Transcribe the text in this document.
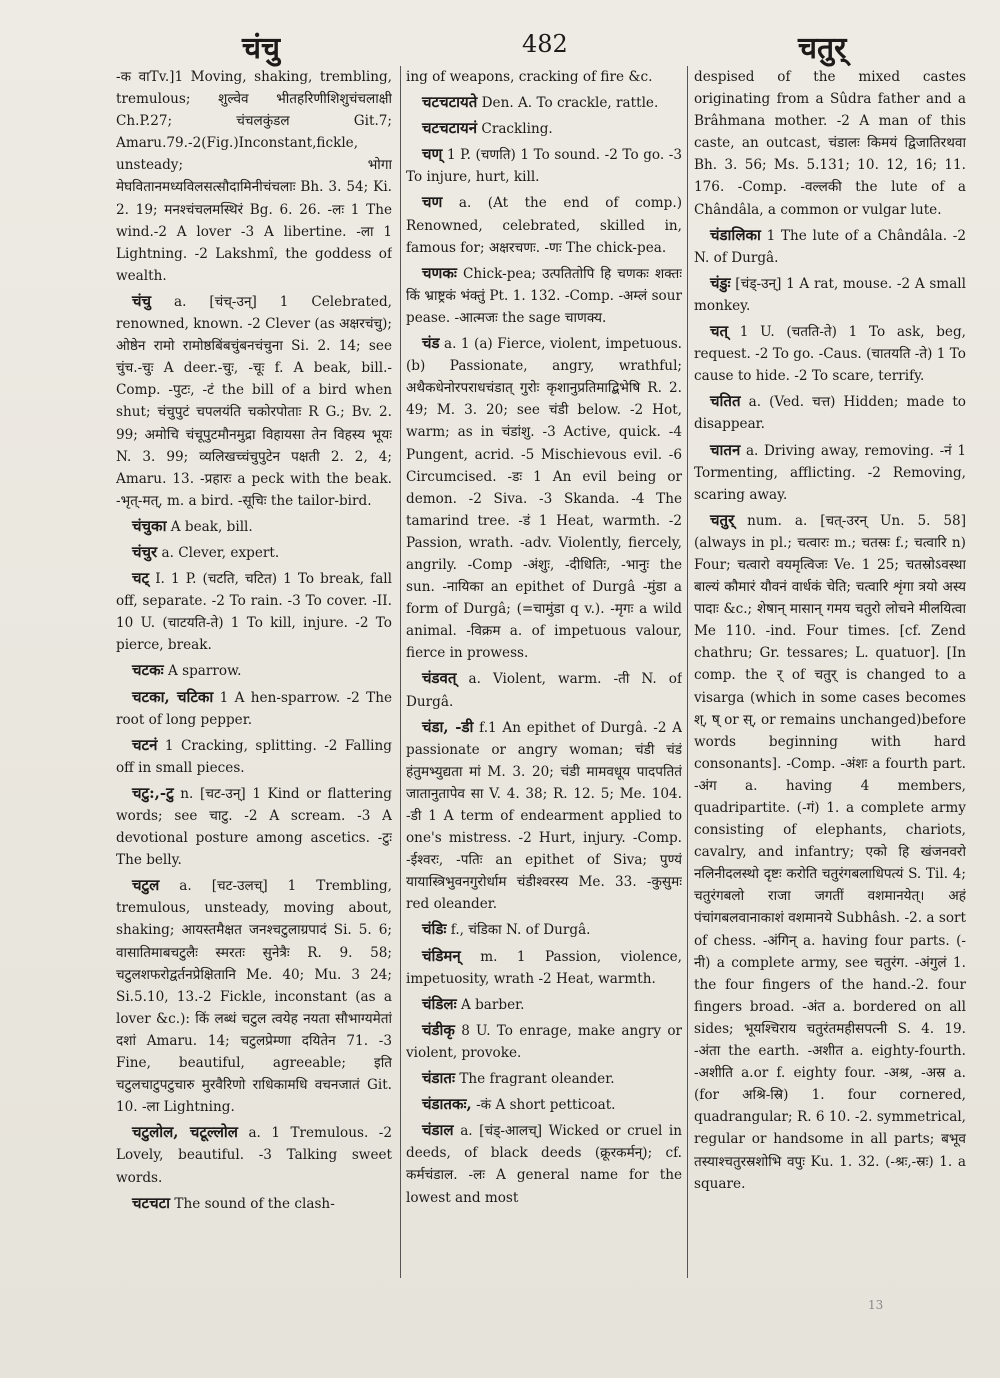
चंचु	482	चतुर्

-क वाTv.]1 Moving, shaking, trembling, tremulous; शुल्वेव भीतहरिणीशिशुचंचलाक्षी Ch.P.27; चंचलकुंडल Git.7; Amaru.79.-2(Fig.)Inconstant,fickle, unsteady; भोगा मेघवितानमध्यविलसत्सौदामिनीचंचलाः Bh. 3. 54; Ki. 2. 19; मनश्चंचलमस्थिरं Bg. 6. 26. -लः 1 The wind.-2 A lover -3 A libertine. -ला 1 Lightning. -2 Lakshmî, the goddess of wealth.

चंचु a. [चंच्-उन्] 1 Celebrated, renowned, known. -2 Clever (as अक्षरचंचु); ओष्ठेन रामो रामोष्ठबिंबचुंबनचंचुना Si. 2. 14; see चुंच.-चुः A deer.-चुः, -चूः f. A beak, bill.-Comp. -पुटः, -टं the bill of a bird when shut; चंचुपुटं चपलयंति चकोरपोताः R G.; Bv. 2. 99; अमोचि चंचूपुटमौनमुद्रा विहायसा तेन विहस्य भूयः N. 3. 99; व्यलिखच्चंचुपुटेन पक्षती 2. 2, 4; Amaru. 13. -प्रहारः a peck with the beak. -भृत्-मत्, m. a bird. -सूचिः the tailor-bird.

चंचुका A beak, bill.

चंचुर a. Clever, expert.

चट् I. 1 P. (चटति, चटित) 1 To break, fall off, separate. -2 To rain. -3 To cover. -II. 10 U. (चाटयति-ते) 1 To kill, injure. -2 To pierce, break.

चटकः A sparrow.

चटका, चटिका 1 A hen-sparrow. -2 The root of long pepper.

चटनं 1 Cracking, splitting. -2 Falling off in small pieces.

चटु:,-टु n. [चट-उन्] 1 Kind or flattering words; see चाटु. -2 A scream. -3 A devotional posture among ascetics. -टुः The belly.

चटुल a. [चट-उलच्] 1 Trembling, tremulous, unsteady, moving about, shaking; आयस्तमैक्षत जनश्चटुलाग्रपादं Si. 5. 6; वासातिमाबचटुलैः स्मरतः सुनेत्रैः R. 9. 58; चटुलशफरोद्वर्तनप्रेक्षितानि Me. 40; Mu. 3 24; Si.5.10, 13.-2 Fickle, inconstant (as a lover &c.): किं लब्धं चटुल त्वयेह नयता सौभाग्यमेतां दशां Amaru. 14; चटुलप्रेम्णा दयितेन 71. -3 Fine, beautiful, agreeable; इति चटुलचाटुपटुचारु मुरवैरिणो राधिकामधि वचनजातं Git. 10. -ला Lightning.

चटुलोल, चटूल्लोल a. 1 Tremulous. -2 Lovely, beautiful. -3 Talking sweet words.

चटचटा The sound of the clash-

ing of weapons, cracking of fire &c.

चटचटायते Den. A. To crackle, rattle.

चटचटायनं Crackling.

चण् 1 P. (चणति) 1 To sound. -2 To go. -3 To injure, hurt, kill.

चण a. (At the end of comp.) Renowned, celebrated, skilled in, famous for; अक्षरचणः. -णः The chick-pea.

चणकः Chick-pea; उत्पतितोपि हि चणकः शक्तः किं भ्राष्ट्रकं भंक्तुं Pt. 1. 132. -Comp. -अम्लं sour pease. -आत्मजः the sage चाणक्य.

चंड a. 1 (a) Fierce, violent, impetuous. (b) Passionate, angry, wrathful; अथैकधेनोरपराधचंडात् गुरोः कृशानुप्रतिमाद्बिभेषि R. 2. 49; M. 3. 20; see चंडी below. -2 Hot, warm; as in चंडांशु. -3 Active, quick. -4 Pungent, acrid. -5 Mischievous evil. -6 Circumcised. -डः 1 An evil being or demon. -2 Siva. -3 Skanda. -4 The tamarind tree. -डं 1 Heat, warmth. -2 Passion, wrath. -adv. Violently, fiercely, angrily. -Comp -अंशुः, -दीधितिः, -भानुः the sun. -नायिका an epithet of Durgâ -मुंडा a form of Durgâ; (=चामुंडा q v.). -मृगः a wild animal. -विक्रम a. of impetuous valour, fierce in prowess.

चंडवत् a. Violent, warm. -ती N. of Durgâ.

चंडा, -डी f.1 An epithet of Durgâ. -2 A passionate or angry woman; चंडी चंडं हंतुमभ्युद्यता मां M. 3. 20; चंडी मामवधूय पादपतितं जातानुतापेव सा V. 4. 38; R. 12. 5; Me. 104. -डी 1 A term of endearment applied to one's mistress. -2 Hurt, injury. -Comp. -ईश्वरः, -पतिः an epithet of Siva; पुण्यं यायास्त्रिभुवनगुरोर्धाम चंडीश्वरस्य Me. 33. -कुसुमः red oleander.

चंडिः f., चंडिका N. of Durgâ.

चंडिमन् m. 1 Passion, violence, impetuosity, wrath -2 Heat, warmth.

चंडिलः A barber.

चंडीकृ 8 U. To enrage, make angry or violent, provoke.

चंडातः The fragrant oleander.

चंडातकः, -कं A short petticoat.

चंडाल a. [चंड्-आलच्] Wicked or cruel in deeds, of black deeds (क्रूरकर्मन्); cf. कर्मचंडाल. -लः A general name for the lowest and most

despised of the mixed castes originating from a Sûdra father and a Brâhmana mother. -2 A man of this caste, an outcast, चंडालः किमयं द्विजातिरथवा Bh. 3. 56; Ms. 5.131; 10. 12, 16; 11. 176. -Comp. -वल्लकी the lute of a Chândâla, a common or vulgar lute.

चंडालिका 1 The lute of a Chândâla. -2 N. of Durgâ.

चंडुः [चंड्-उन्] 1 A rat, mouse. -2 A small monkey.

चत् 1 U. (चतति-ते) 1 To ask, beg, request. -2 To go. -Caus. (चातयति -ते) 1 To cause to hide. -2 To scare, terrify.

चतित a. (Ved. चत्त) Hidden; made to disappear.

चातन a. Driving away, removing. -नं 1 Tormenting, afflicting. -2 Removing, scaring away.

चतुर् num. a. [चत्-उरन् Un. 5. 58] (always in pl.; चत्वारः m.; चतस्रः f.; चत्वारि n) Four; चत्वारो वयमृत्विजः Ve. 1 25; चतस्रोऽवस्था बाल्यं कौमारं यौवनं वार्धकं चेति; चत्वारि शृंगा त्रयो अस्य पादाः &c.; शेषान् मासान् गमय चतुरो लोचने मीलयित्वा Me 110. -ind. Four times. [cf. Zend chathru; Gr. tessares; L. quatuor]. [In comp. the र् of चतुर् is changed to a visarga (which in some cases becomes श्, ष् or स्, or remains unchanged)before words beginning with hard consonants]. -Comp. -अंशः a fourth part. -अंग a. having 4 members, quadripartite. (-गं) 1. a complete army consisting of elephants, chariots, cavalry, and infantry; एको हि खंजनवरो नलिनीदलस्थो दृष्टः करोति चतुरंगबलाधिपत्यं S. Til. 4; चतुरंगबलो राजा जगतीं वशमानयेत्। अहं पंचांगबलवानाकाशं वशमानये Subhâsh. -2. a sort of chess. -अंगिन् a. having four parts. (-नी) a complete army, see चतुरंग. -अंगुलं 1. the four fingers of the hand.-2. four fingers broad. -अंत a. bordered on all sides; भूयश्चिराय चतुरंतमहीसपत्नी S. 4. 19. -अंता the earth. -अशीत a. eighty-fourth. -अशीति a.or f. eighty four. -अश्र, -अस्र a. (for अश्रि-स्रि) 1. four cornered, quadrangular; R. 6 10. -2. symmetrical, regular or handsome in all parts; बभूव तस्याश्चतुरस्रशोभि वपुः Ku. 1. 32. (-श्रः,-स्रः) 1. a square.

13
